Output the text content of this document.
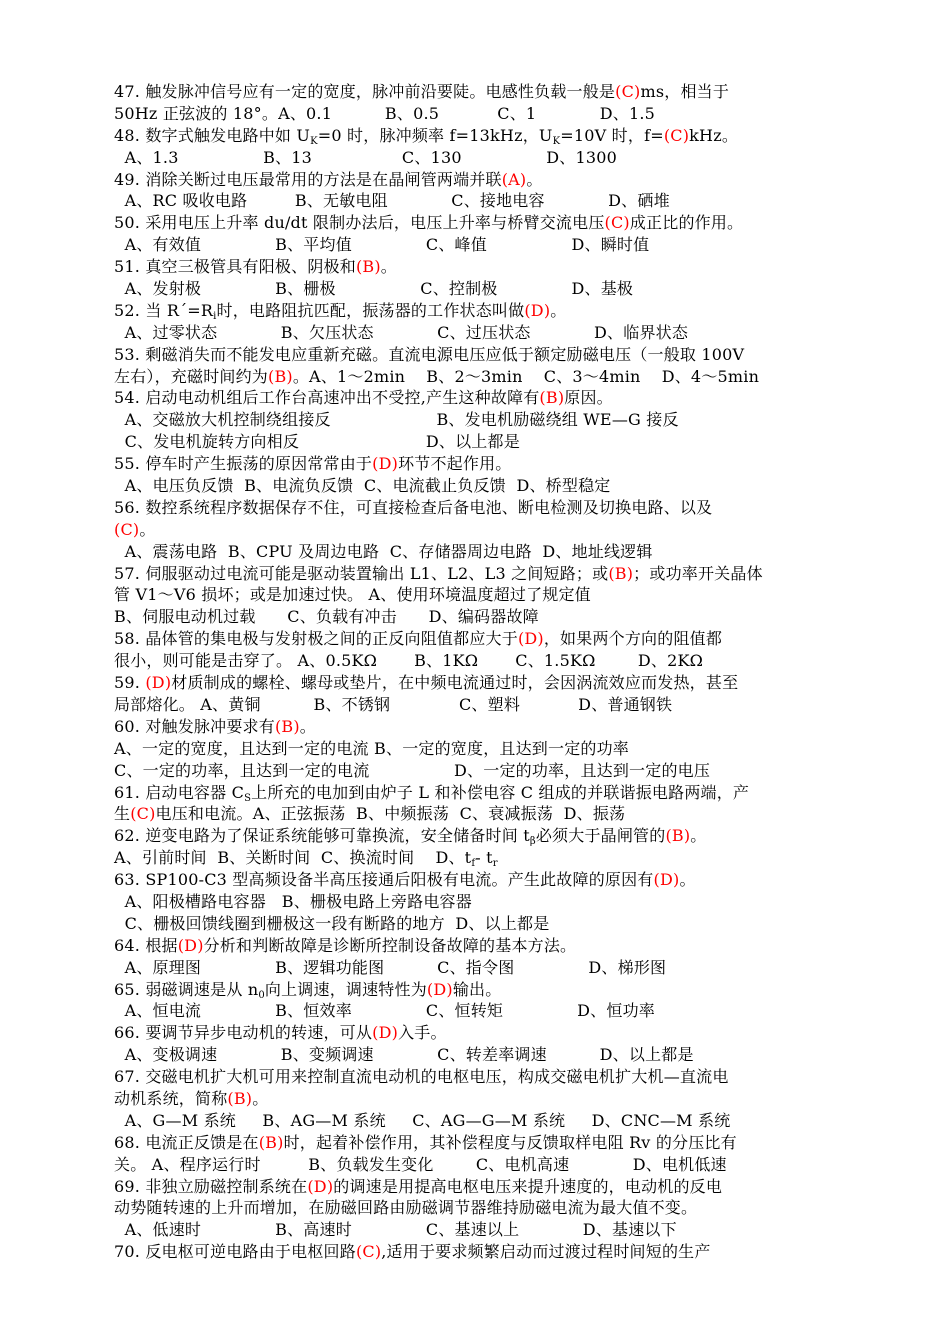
47. 触发脉冲信号应有一定的宽度，脉冲前沿要陡。电感性负载一般是(C)ms，相当于
50Hz 正弦波的 18°。A、0.1          B、0.5           C、1            D、1.5
48. 数字式触发电路中如 UK=0 时，脉冲频率 f=13kHz，UK=10V 时，f=(C)kHz。
A、1.3                B、13                 C、130                D、1300
49. 消除关断过电压最常用的方法是在晶闸管两端并联(A)。
A、RC 吸收电路         B、无敏电阻            C、接地电容            D、硒堆
50. 采用电压上升率 du/dt 限制办法后，电压上升率与桥臂交流电压(C)成正比的作用。
A、有效值              B、平均值              C、峰值                D、瞬时值
51. 真空三极管具有阳极、阴极和(B)。
A、发射极              B、栅极                C、控制极              D、基极
52. 当 R´=Ri时，电路阻抗匹配，振荡器的工作状态叫做(D)。
A、过零状态            B、欠压状态            C、过压状态            D、临界状态
53. 剩磁消失而不能发电应重新充磁。直流电源电压应低于额定励磁电压（一般取 100V
左右），充磁时间约为(B)。A、1～2min    B、2～3min    C、3～4min    D、4～5min
54. 启动电动机组后工作台高速冲出不受控,产生这种故障有(B)原因。
A、交磁放大机控制绕组接反                    B、发电机励磁绕组 WE—G 接反
C、发电机旋转方向相反                        D、以上都是
55. 停车时产生振荡的原因常常由于(D)环节不起作用。
A、电压负反馈  B、电流负反馈  C、电流截止负反馈  D、桥型稳定
56. 数控系统程序数据保存不住，可直接检查后备电池、断电检测及切换电路、以及
(C)。
A、震荡电路  B、CPU 及周边电路  C、存储器周边电路  D、地址线逻辑
57. 伺服驱动过电流可能是驱动装置输出 L1、L2、L3 之间短路；或(B)；或功率开关晶体
管 V1～V6 损坏；或是加速过快。 A、使用环境温度超过了规定值
B、伺服电动机过载      C、负载有冲击      D、编码器故障
58. 晶体管的集电极与发射极之间的正反向阻值都应大于(D)，如果两个方向的阻值都
很小，则可能是击穿了。 A、0.5KΩ       B、1KΩ       C、1.5KΩ        D、2KΩ
59. (D)材质制成的螺栓、螺母或垫片，在中频电流通过时，会因涡流效应而发热，甚至
局部熔化。 A、黄铜          B、不锈钢             C、塑料           D、普通钢铁
60. 对触发脉冲要求有(B)。
A、一定的宽度，且达到一定的电流 B、一定的宽度，且达到一定的功率
C、一定的功率，且达到一定的电流                D、一定的功率，且达到一定的电压
61. 启动电容器 CS上所充的电加到由炉子 L 和补偿电容 C 组成的并联谐振电路两端，产
生(C)电压和电流。A、正弦振荡  B、中频振荡  C、衰减振荡  D、振荡
62. 逆变电路为了保证系统能够可靠换流，安全储备时间 tβ必须大于晶闸管的(B)。
A、引前时间  B、关断时间  C、换流时间    D、tf- tr
63. SP100-C3 型高频设备半高压接通后阳极有电流。产生此故障的原因有(D)。
A、阳极槽路电容器   B、栅极电路上旁路电容器
C、栅极回馈线圈到栅极这一段有断路的地方  D、以上都是
64. 根据(D)分析和判断故障是诊断所控制设备故障的基本方法。
A、原理图              B、逻辑功能图          C、指令图              D、梯形图
65. 弱磁调速是从 n0向上调速，调速特性为(D)输出。
A、恒电流              B、恒效率              C、恒转矩              D、恒功率
66. 要调节异步电动机的转速，可从(D)入手。
A、变极调速            B、变频调速            C、转差率调速          D、以上都是
67. 交磁电机扩大机可用来控制直流电动机的电枢电压，构成交磁电机扩大机—直流电
动机系统，简称(B)。
A、G—M 系统     B、AG—M 系统     C、AG—G—M 系统     D、CNC—M 系统
68. 电流正反馈是在(B)时，起着补偿作用，其补偿程度与反馈取样电阻 Rv 的分压比有
关。 A、程序运行时         B、负载发生变化        C、电机高速            D、电机低速
69. 非独立励磁控制系统在(D)的调速是用提高电枢电压来提升速度的，电动机的反电
动势随转速的上升而增加，在励磁回路由励磁调节器维持励磁电流为最大值不变。
A、低速时              B、高速时              C、基速以上            D、基速以下
70. 反电枢可逆电路由于电枢回路(C),适用于要求频繁启动而过渡过程时间短的生产
